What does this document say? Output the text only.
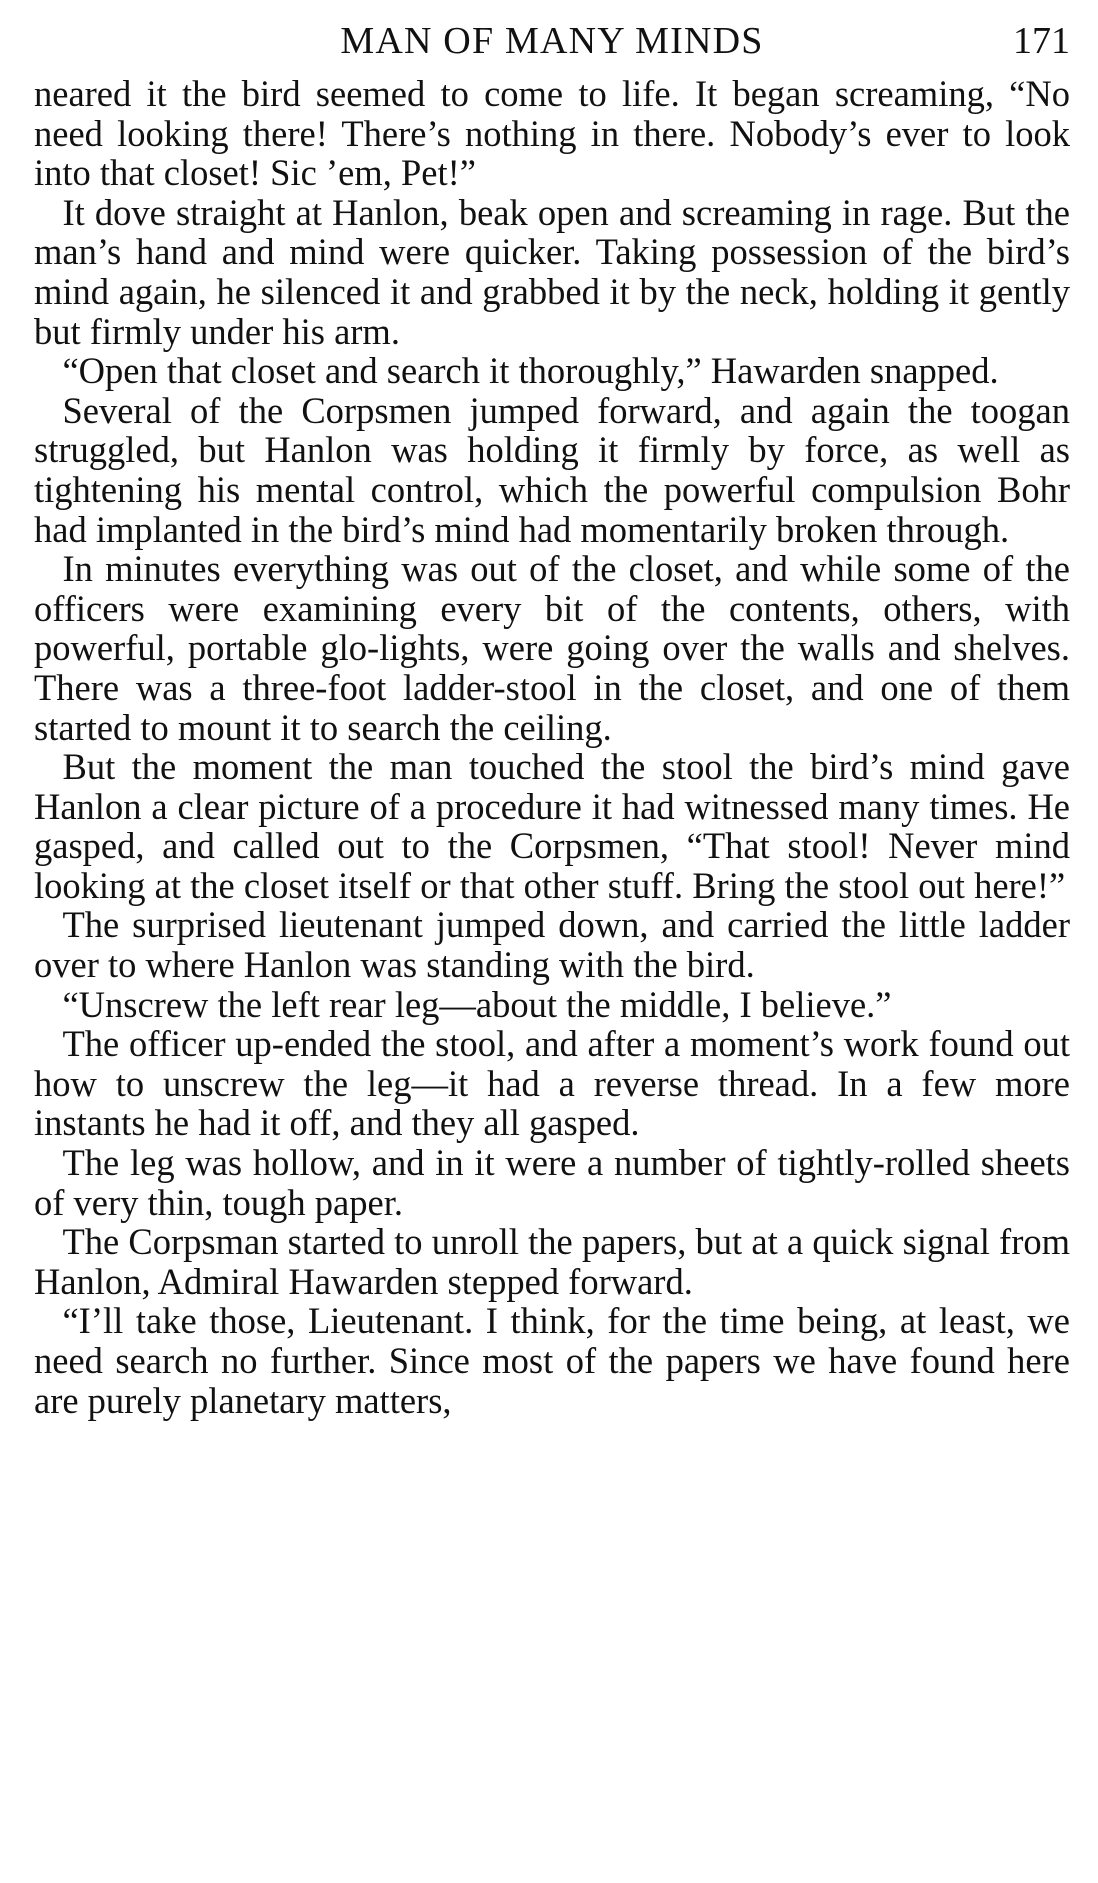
MAN OF MANY MINDS	171

neared it the bird seemed to come to life. It began screaming, “No need looking there! There’s nothing in there. Nobody’s ever to look into that closet! Sic ’em, Pet!”

It dove straight at Hanlon, beak open and screaming in rage. But the man’s hand and mind were quicker. Taking possession of the bird’s mind again, he silenced it and grabbed it by the neck, holding it gently but firmly under his arm.

“Open that closet and search it thoroughly,” Hawarden snapped.

Several of the Corpsmen jumped forward, and again the toogan struggled, but Hanlon was holding it firmly by force, as well as tightening his mental control, which the powerful compulsion Bohr had implanted in the bird’s mind had momentarily broken through.

In minutes everything was out of the closet, and while some of the officers were examining every bit of the contents, others, with powerful, portable glo-lights, were going over the walls and shelves. There was a three-foot ladder-stool in the closet, and one of them started to mount it to search the ceiling.

But the moment the man touched the stool the bird’s mind gave Hanlon a clear picture of a procedure it had witnessed many times. He gasped, and called out to the Corpsmen, “That stool! Never mind looking at the closet itself or that other stuff. Bring the stool out here!”

The surprised lieutenant jumped down, and carried the little ladder over to where Hanlon was standing with the bird.

“Unscrew the left rear leg—about the middle, I believe.”

The officer up-ended the stool, and after a moment’s work found out how to unscrew the leg—it had a reverse thread. In a few more instants he had it off, and they all gasped.

The leg was hollow, and in it were a number of tightly-rolled sheets of very thin, tough paper.

The Corpsman started to unroll the papers, but at a quick signal from Hanlon, Admiral Hawarden stepped forward.

“I’ll take those, Lieutenant. I think, for the time being, at least, we need search no further. Since most of the papers we have found here are purely planetary matters,
